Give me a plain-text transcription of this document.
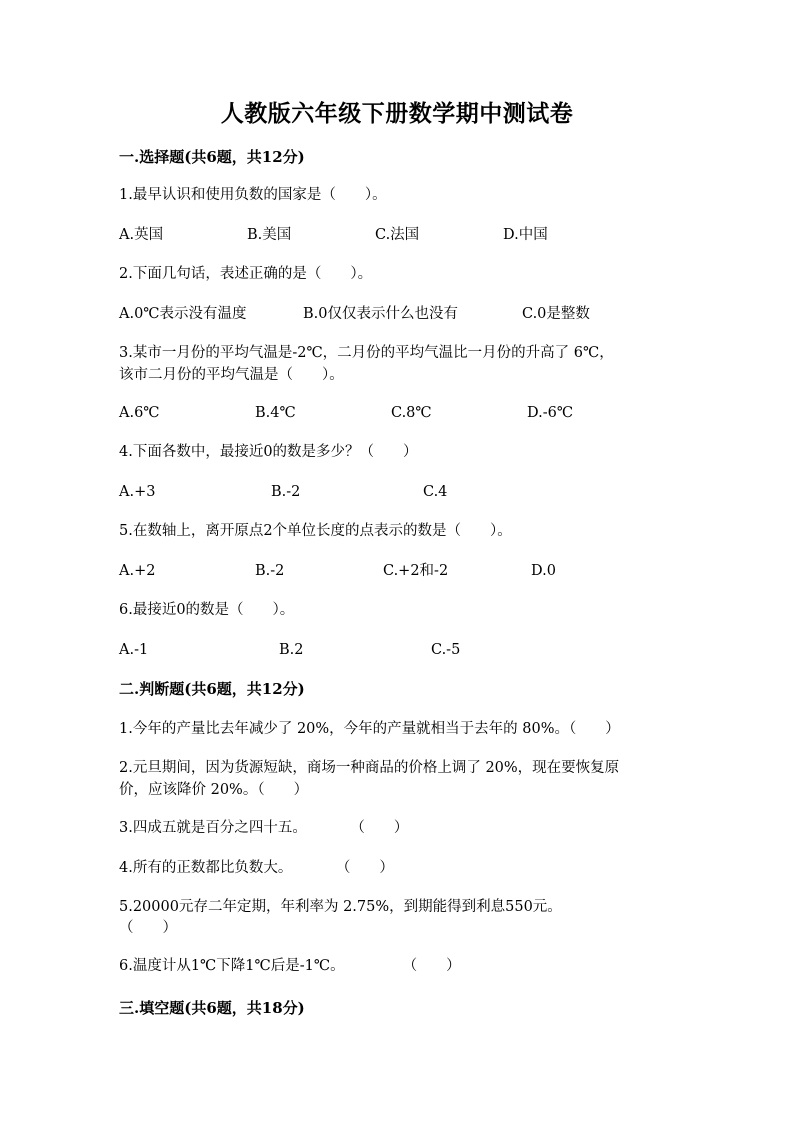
人教版六年级下册数学期中测试卷
一.选择题(共6题，共12分)
1.最早认识和使用负数的国家是（　　）。
A.英国	B.美国	C.法国	D.中国
2.下面几句话，表述正确的是（　　）。
A.0℃表示没有温度	B.0仅仅表示什么也没有	C.0是整数
3.某市一月份的平均气温是-2℃，二月份的平均气温比一月份的升高了 6℃，
该市二月份的平均气温是（　　）。
A.6℃	B.4℃	C.8℃	D.-6℃
4.下面各数中，最接近0的数是多少？（　　）
A.+3	B.-2	C.4
5.在数轴上，离开原点2个单位长度的点表示的数是（　　）。
A.+2	B.-2	C.+2和-2	D.0
6.最接近0的数是（　　）。
A.-1	B.2	C.-5
二.判断题(共6题，共12分)
1.今年的产量比去年减少了 20%，今年的产量就相当于去年的 80%。（　　）
2.元旦期间，因为货源短缺，商场一种商品的价格上调了 20%，现在要恢复原
价，应该降价 20%。（　　）
3.四成五就是百分之四十五。　　　　（　　）
4.所有的正数都比负数大。　　　　（　　）
5.20000元存二年定期，年利率为 2.75%，到期能得到利息550元。
（　　）
6.温度计从1℃下降1℃后是-1℃。　　　　　（　　）
三.填空题(共6题，共18分)
